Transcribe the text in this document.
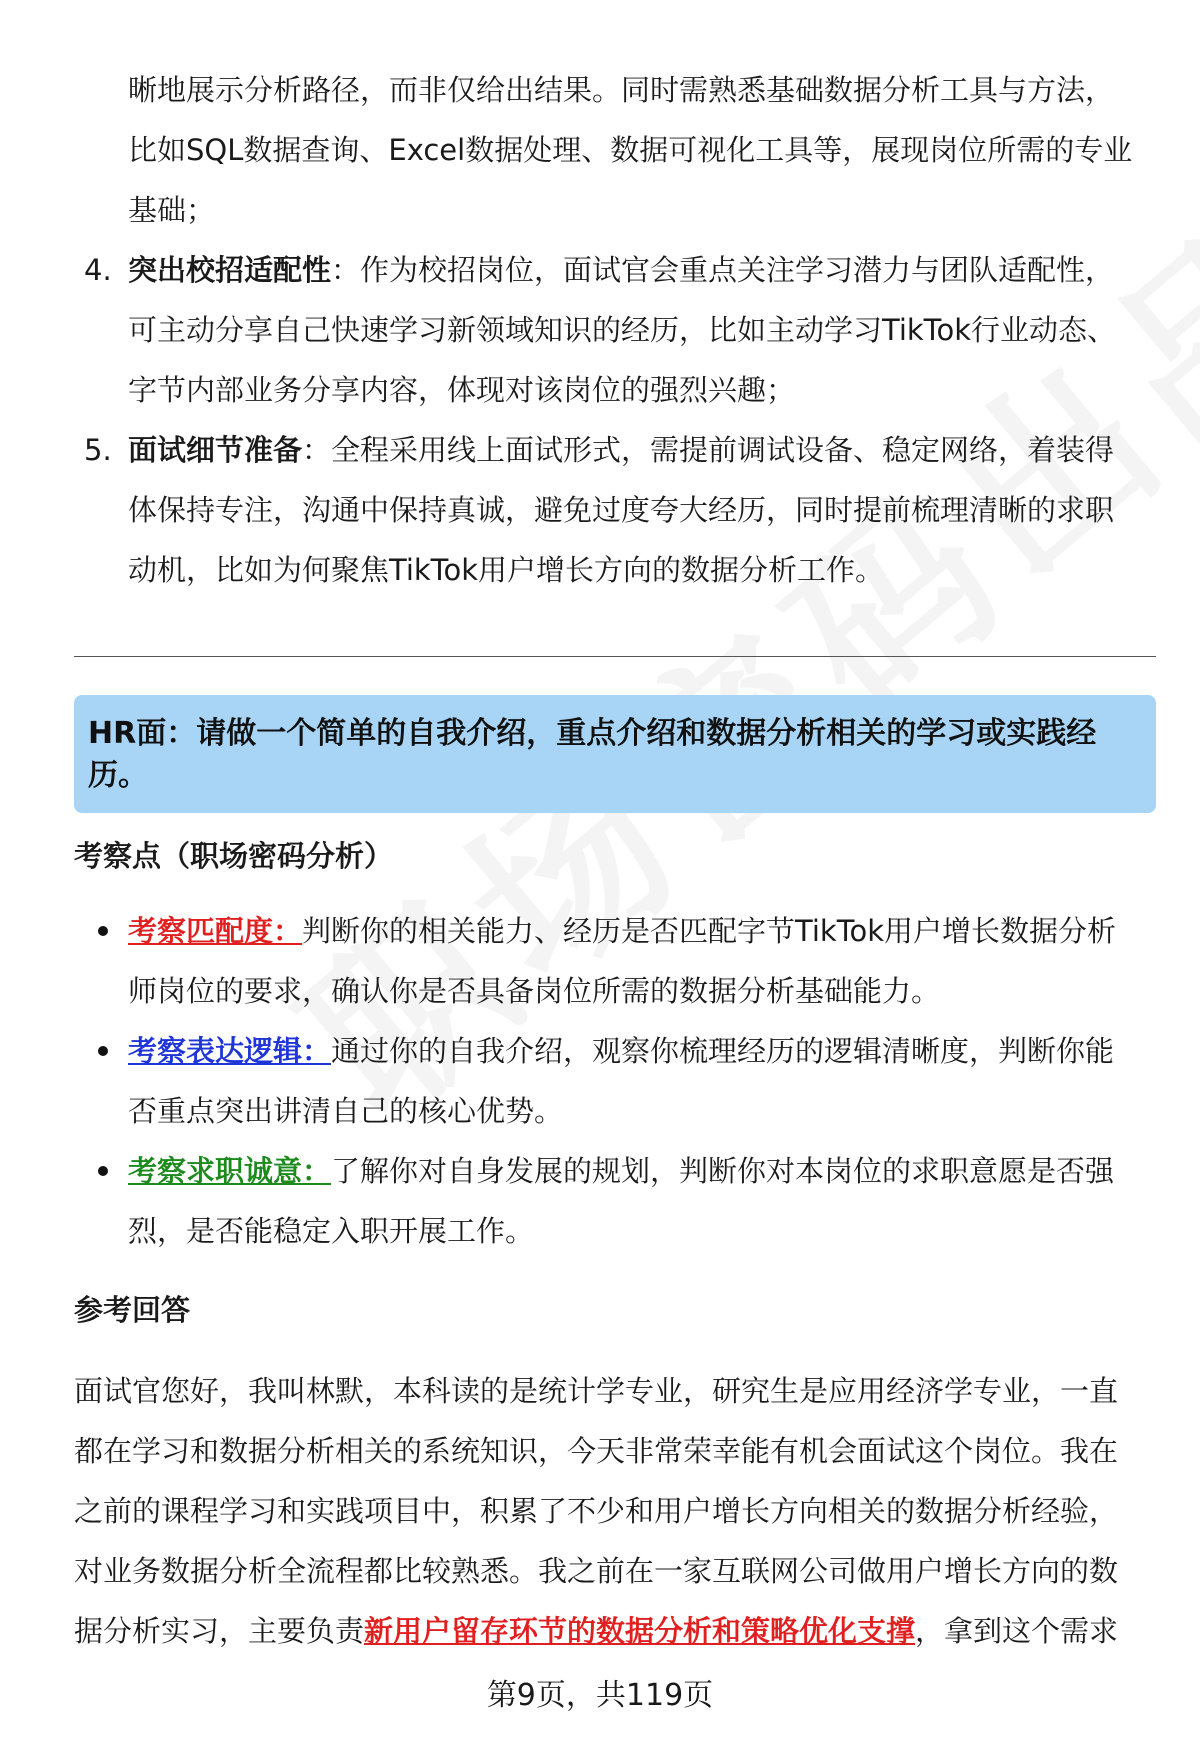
晰地展示分析路径，而非仅给出结果。同时需熟悉基础数据分析工具与方法，

比如SQL数据查询、Excel数据处理、数据可视化工具等，展现岗位所需的专业

基础；

4. 突出校招适配性：作为校招岗位，面试官会重点关注学习潜力与团队适配性，
可主动分享自己快速学习新领域知识的经历，比如主动学习TikTok行业动态、
字节内部业务分享内容，体现对该岗位的强烈兴趣；
5. 面试细节准备：全程采用线上面试形式，需提前调试设备、稳定网络，着装得
体保持专注，沟通中保持真诚，避免过度夸大经历，同时提前梳理清晰的求职
动机，比如为何聚焦TikTok用户增长方向的数据分析工作。
HR面：请做一个简单的自我介绍，重点介绍和数据分析相关的学习或实践经历。
考察点（职场密码分析）
考察匹配度：判断你的相关能力、经历是否匹配字节TikTok用户增长数据分析
师岗位的要求，确认你是否具备岗位所需的数据分析基础能力。
考察表达逻辑：通过你的自我介绍，观察你梳理经历的逻辑清晰度，判断你能
否重点突出讲清自己的核心优势。
考察求职诚意：了解你对自身发展的规划，判断你对本岗位的求职意愿是否强
烈，是否能稳定入职开展工作。
参考回答
面试官您好，我叫林默，本科读的是统计学专业，研究生是应用经济学专业，一直
都在学习和数据分析相关的系统知识，今天非常荣幸能有机会面试这个岗位。我在
之前的课程学习和实践项目中，积累了不少和用户增长方向相关的数据分析经验，
对业务数据分析全流程都比较熟悉。我之前在一家互联网公司做用户增长方向的数
据分析实习，主要负责新用户留存环节的数据分析和策略优化支撑，拿到这个需求
第9页，共119页
